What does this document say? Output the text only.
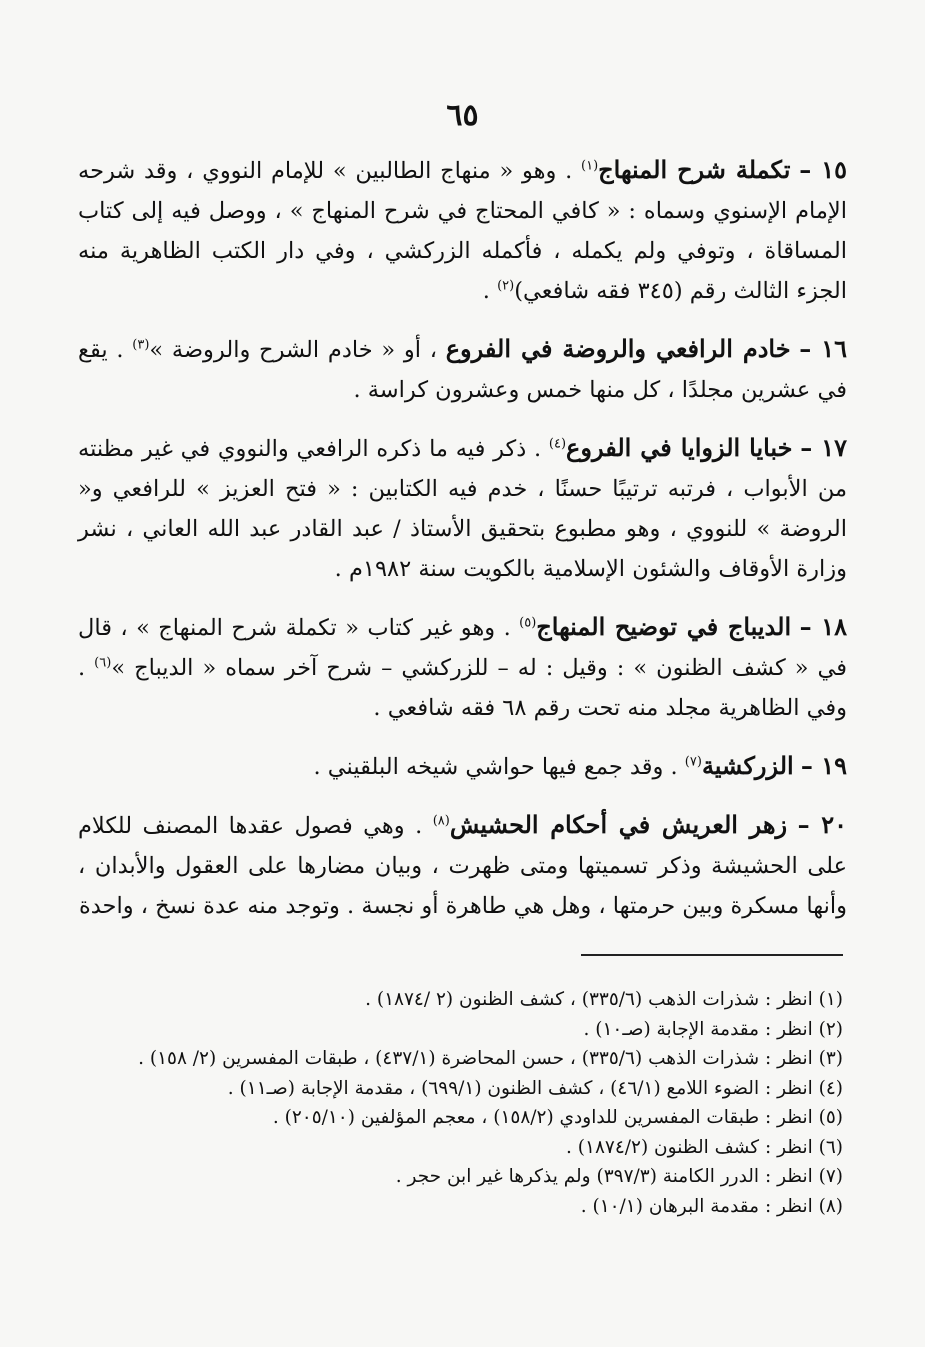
٦٥

١٥ – تكملة شرح المنهاج$^{(١)}$ . وهو « منهاج الطالبين » للإمام النووي ، وقد شرحه الإمام الإسنوي وسماه : « كافي المحتاج في شرح المنهاج » ، ووصل فيه إلى كتاب المساقاة ، وتوفي ولم يكمله ، فأكمله الزركشي ، وفي دار الكتب الظاهرية منه الجزء الثالث رقم (٣٤٥ فقه شافعي)$^{(٢)}$ .

١٦ – خادم الرافعي والروضة في الفروع ، أو « خادم الشرح والروضة »$^{(٣)}$ . يقع في عشرين مجلدًا ، كل منها خمس وعشرون كراسة .

١٧ – خبايا الزوايا في الفروع$^{(٤)}$ . ذكر فيه ما ذكره الرافعي والنووي في غير مظنته من الأبواب ، فرتبه ترتيبًا حسنًا ، خدم فيه الكتابين : « فتح العزيز » للرافعي و« الروضة » للنووي ، وهو مطبوع بتحقيق الأستاذ / عبد القادر عبد الله العاني ، نشر وزارة الأوقاف والشئون الإسلامية بالكويت سنة ١٩٨٢م .

١٨ – الديباج في توضيح المنهاج$^{(٥)}$ . وهو غير كتاب « تكملة شرح المنهاج » ، قال في « كشف الظنون » : وقيل : له – للزركشي – شرح آخر سماه « الديباج »$^{(٦)}$ . وفي الظاهرية مجلد منه تحت رقم ٦٨ فقه شافعي .

١٩ – الزركشية$^{(٧)}$ . وقد جمع فيها حواشي شيخه البلقيني .

٢٠ – زهر العريش في أحكام الحشيش$^{(٨)}$ . وهي فصول عقدها المصنف للكلام على الحشيشة وذكر تسميتها ومتى ظهرت ، وبيان مضارها على العقول والأبدان ، وأنها مسكرة وبين حرمتها ، وهل هي طاهرة أو نجسة . وتوجد منه عدة نسخ ، واحدة

(١) انظر : شذرات الذهب (٣٣٥/٦) ، كشف الظنون (٢ /١٨٧٤) .

(٢) انظر : مقدمة الإجابة (صـ١٠) .

(٣) انظر : شذرات الذهب (٣٣٥/٦) ، حسن المحاضرة (٤٣٧/١) ، طبقات المفسرين (٢/ ١٥٨) .

(٤) انظر : الضوء اللامع (٤٦/١) ، كشف الظنون (٦٩٩/١) ، مقدمة الإجابة (صـ١١) .

(٥) انظر : طبقات المفسرين للداودي (١٥٨/٢) ، معجم المؤلفين (٢٠٥/١٠) .

(٦) انظر : كشف الظنون (١٨٧٤/٢) .

(٧) انظر : الدرر الكامنة (٣٩٧/٣) ولم يذكرها غير ابن حجر .

(٨) انظر : مقدمة البرهان (١٠/١) .
